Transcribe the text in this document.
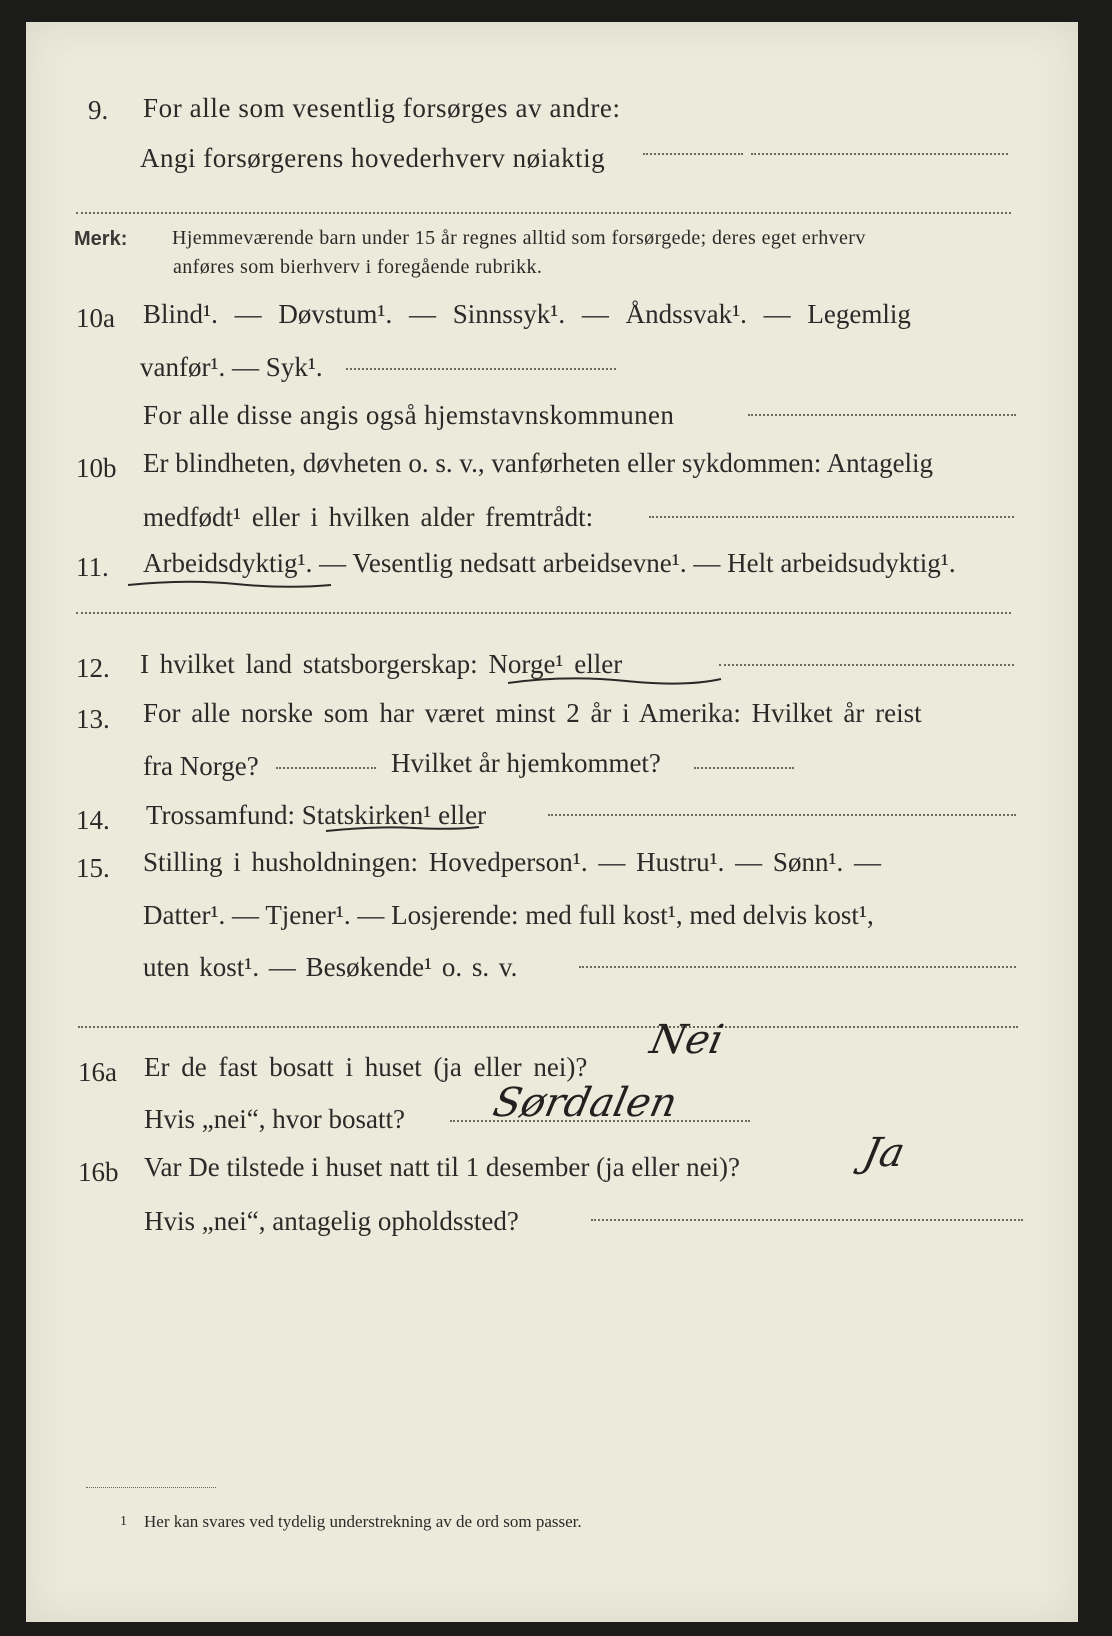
9. For alle som vesentlig forsørges av andre:
Angi forsørgerens hovederhverv nøiaktig
Merk: Hjemmeværende barn under 15 år regnes alltid som forsørgede; deres eget erhverv
anføres som bierhverv i foregående rubrikk.
10a Blind¹. — Døvstum¹. — Sinnssyk¹. — Åndssvak¹. — Legemlig
vanfør¹. — Syk¹.
For alle disse angis også hjemstavnskommunen
10b Er blindheten, døvheten o. s. v., vanførheten eller sykdommen: Antagelig
medfødt¹ eller i hvilken alder fremtrådt:
11. Arbeidsdyktig¹. — Vesentlig nedsatt arbeidsevne¹. — Helt arbeidsudyktig¹.
12. I hvilket land statsborgerskap: Norge¹ eller
13. For alle norske som har været minst 2 år i Amerika: Hvilket år reist
fra Norge?	Hvilket år hjemkommet?
14. Trossamfund: Statskirken¹ eller
15. Stilling i husholdningen: Hovedperson¹. — Hustru¹. — Sønn¹. —
Datter¹. — Tjener¹. — Losjerende: med full kost¹, med delvis kost¹,
uten kost¹. — Besøkende¹ o. s. v.
16a Er de fast bosatt i huset (ja eller nei)?
Nei
Hvis „nei“, hvor bosatt? Sørdalen
16b Var De tilstede i huset natt til 1 desember (ja eller nei)?	Ja
Hvis „nei“, antagelig opholdssted?
1 Her kan svares ved tydelig understrekning av de ord som passer.
